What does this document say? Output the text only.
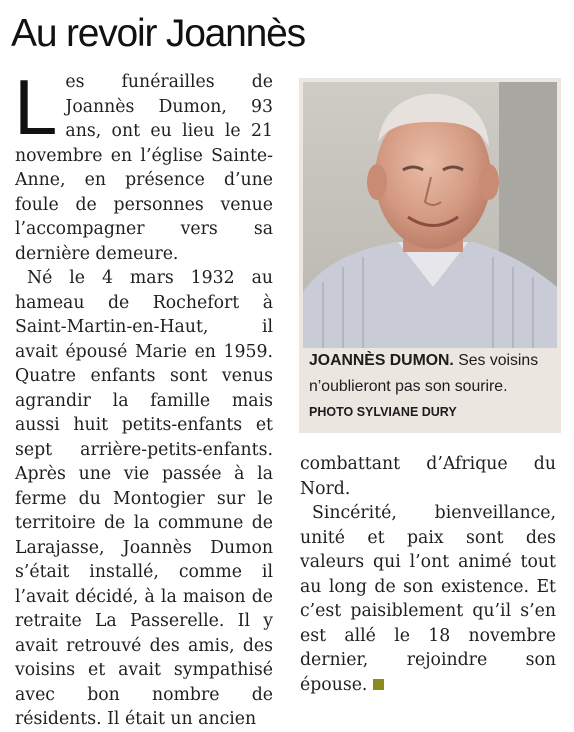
Au revoir Joannès

Les funérailles de Joannès Dumon, 93 ans, ont eu lieu le 21 novembre en l’église Sainte-Anne, en présence d’une foule de personnes venue l’accompagner vers sa dernière demeure.

Né le 4 mars 1932 au hameau de Rochefort à Saint-Martin-en-Haut, il avait épousé Marie en 1959. Quatre enfants sont venus agrandir la famille mais aussi huit petits-enfants et sept arrière-petits-enfants. Après une vie passée à la ferme du Montogier sur le territoire de la commune de Larajasse, Joannès Dumon s’était installé, comme il l’avait décidé, à la maison de retraite La Passerelle. Il y avait retrouvé des amis, des voisins et avait sympathisé avec bon nombre de résidents. Il était un ancien

JOANNÈS DUMON. Ses voisins n’oublieront pas son sourire. PHOTO SYLVIANE DURY

combattant d’Afrique du Nord.

Sincérité, bienveillance, unité et paix sont des valeurs qui l’ont animé tout au long de son existence. Et c’est paisiblement qu’il s’en est allé le 18 novembre dernier, rejoindre son épouse.
